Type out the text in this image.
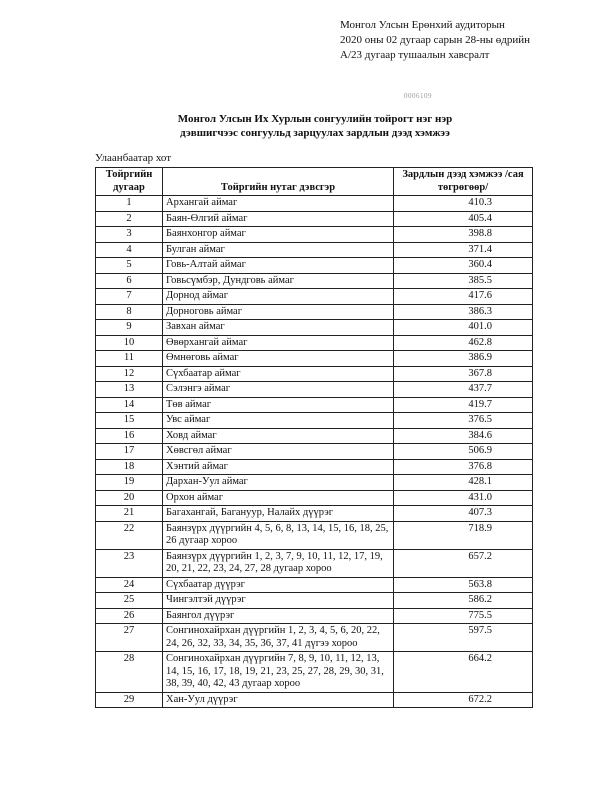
Монгол Улсын Ерөнхий аудиторын
2020 оны 02 дугаар сарын 28-ны өдрийн
А/23 дугаар тушаалын хавсралт
0006109
Монгол Улсын Их Хурлын сонгуулийн тойрогт нэг нэр
дэвшигчээс сонгуульд зарцуулах зардлын дээд хэмжээ
Улаанбаатар хот
Тойргийн дугаар	Тойргийн нутаг дэвсгэр	Зардлын дээд хэмжээ /сая төгрөгөөр/
1	Архангай аймаг	410.3
2	Баян-Өлгий аймаг	405.4
3	Баянхонгор аймаг	398.8
4	Булган аймаг	371.4
5	Говь-Алтай аймаг	360.4
6	Говьсүмбэр, Дундговь аймаг	385.5
7	Дорнод аймаг	417.6
8	Дорноговь аймаг	386.3
9	Завхан аймаг	401.0
10	Өвөрхангай аймаг	462.8
11	Өмнөговь аймаг	386.9
12	Сүхбаатар аймаг	367.8
13	Сэлэнгэ аймаг	437.7
14	Төв аймаг	419.7
15	Увс аймаг	376.5
16	Ховд аймаг	384.6
17	Хөвсгөл аймаг	506.9
18	Хэнтий аймаг	376.8
19	Дархан-Уул аймаг	428.1
20	Орхон аймаг	431.0
21	Багахангай, Багануур, Налайх дүүрэг	407.3
22	Баянзүрх дүүргийн 4, 5, 6, 8, 13, 14, 15, 16, 18, 25, 26 дугаар хороо	718.9
23	Баянзүрх дүүргийн 1, 2, 3, 7, 9, 10, 11, 12, 17, 19, 20, 21, 22, 23, 24, 27, 28 дугаар хороо	657.2
24	Сүхбаатар дүүрэг	563.8
25	Чингэлтэй дүүрэг	586.2
26	Баянгол дүүрэг	775.5
27	Сонгинохайрхан дүүргийн 1, 2, 3, 4, 5, 6, 20, 22, 24, 26, 32, 33, 34, 35, 36, 37, 41 дүгээ хороо	597.5
28	Сонгинохайрхан дүүргийн 7, 8, 9, 10, 11, 12, 13, 14, 15, 16, 17, 18, 19, 21, 23, 25, 27, 28, 29, 30, 31, 38, 39, 40, 42, 43 дугаар хороо	664.2
29	Хан-Уул дүүрэг	672.2
